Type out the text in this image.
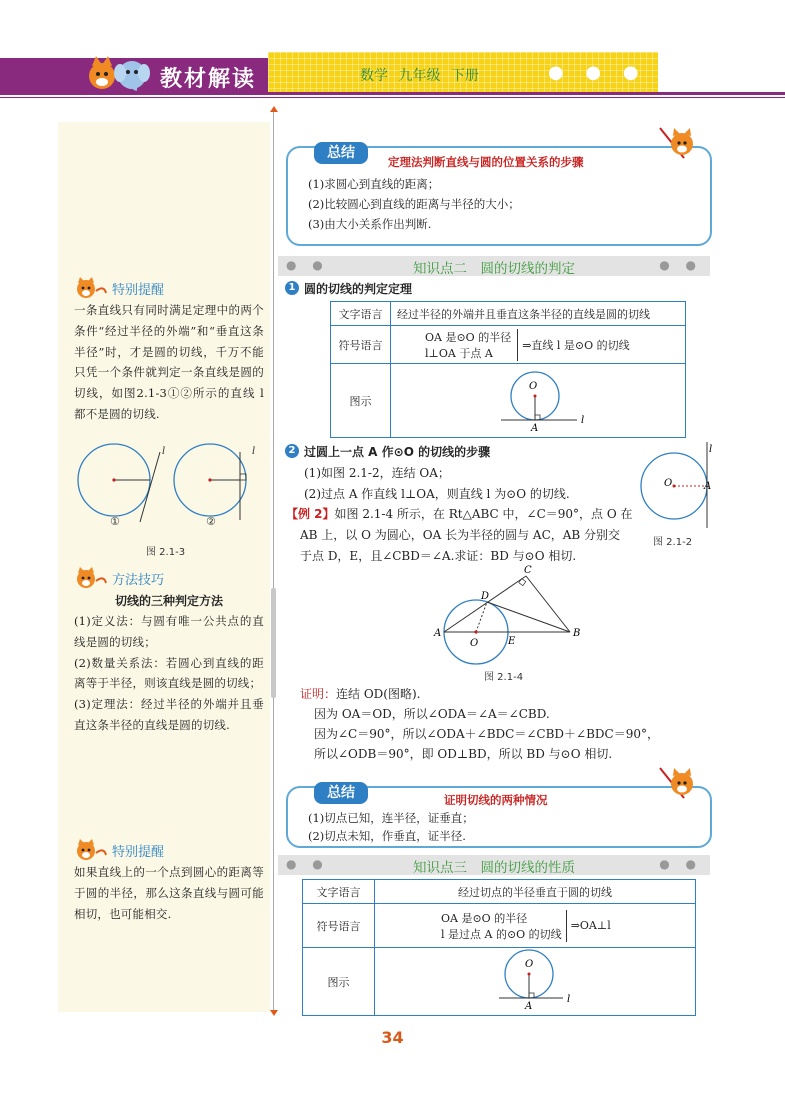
教材解读	数学 九年级 下册	● ● ●
特别提醒
一条直线只有同时满足定理中的两个条件“经过半径的外端”和“垂直这条半径”时，才是圆的切线，千万不能只凭一个条件就判定一条直线是圆的切线，如图2.1-3①②所示的直线 l 都不是圆的切线.
l	l
①	②
图 2.1-3
方法技巧
切线的三种判定方法
(1)定义法：与圆有唯一公共点的直线是圆的切线；
(2)数量关系法：若圆心到直线的距离等于半径，则该直线是圆的切线；
(3)定理法：经过半径的外端并且垂直这条半径的直线是圆的切线.
特别提醒
如果直线上的一个点到圆心的距离等于圆的半径，那么这条直线与圆可能相切，也可能相交.
总结
定理法判断直线与圆的位置关系的步骤
(1)求圆心到直线的距离；
(2)比较圆心到直线的距离与半径的大小；
(3)由大小关系作出判断.
● ●	知识点二　圆的切线的判定	● ●
1 圆的切线的判定定理
文字语言	经过半径的外端并且垂直这条半径的直线是圆的切线
符号语言	OA 是⊙O 的半径
l⊥OA 于点 A
⇒直线 l 是⊙O 的切线

图示	O
A
l
2 过圆上一点 A 作⊙O 的切线的步骤
(1)如图 2.1-2，连结 OA；
(2)过点 A 作直线 l⊥OA，则直线 l 为⊙O 的切线.
O	A
l
图 2.1-2
【例 2】如图 2.1-4 所示，在 Rt△ABC 中，∠C＝90°，点 O 在
AB 上，以 O 为圆心，OA 长为半径的圆与 AC，AB 分别交
于点 D，E，且∠CBD＝∠A.求证：BD 与⊙O 相切.
A	B
C
D
E
O
图 2.1-4
证明：连结 OD(图略).
因为 OA＝OD，所以∠ODA＝∠A＝∠CBD.
因为∠C＝90°，所以∠ODA＋∠BDC＝∠CBD＋∠BDC＝90°，
所以∠ODB＝90°，即 OD⊥BD，所以 BD 与⊙O 相切.
总结	证明切线的两种情况
(1)切点已知，连半径，证垂直；
(2)切点未知，作垂直，证半径.
● ●	知识点三　圆的切线的性质	● ●
文字语言	经过切点的半径垂直于圆的切线
符号语言	OA 是⊙O 的半径
l 是过点 A 的⊙O 的切线
⇒OA⊥l

图示	O
A
l
34
